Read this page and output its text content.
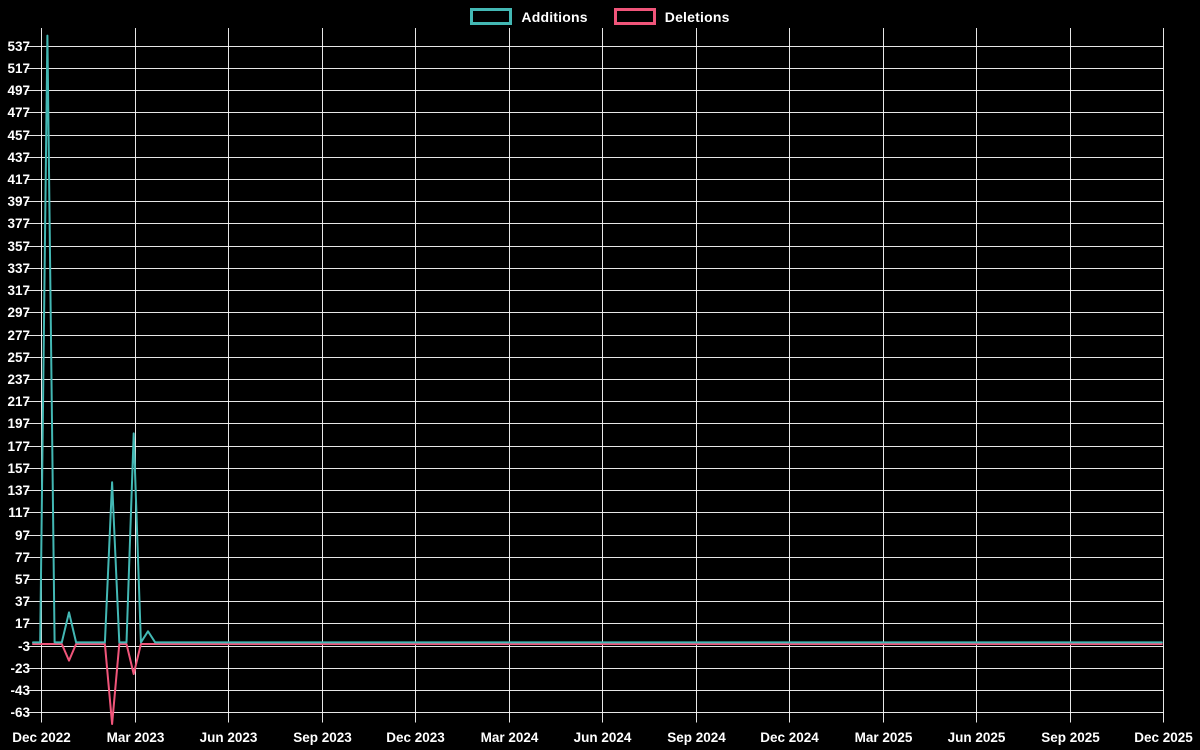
Additions	Deletions
537
517
497
477
457
437
417
397
377
357
337
317
297
277
257
237
217
197
177
157
137
117
97
77
57
37
17
-3
-23
-43
-63
Dec 2022	Mar 2023	Jun 2023	Sep 2023	Dec 2023	Mar 2024	Jun 2024	Sep 2024	Dec 2024	Mar 2025	Jun 2025	Sep 2025	Dec 2025
